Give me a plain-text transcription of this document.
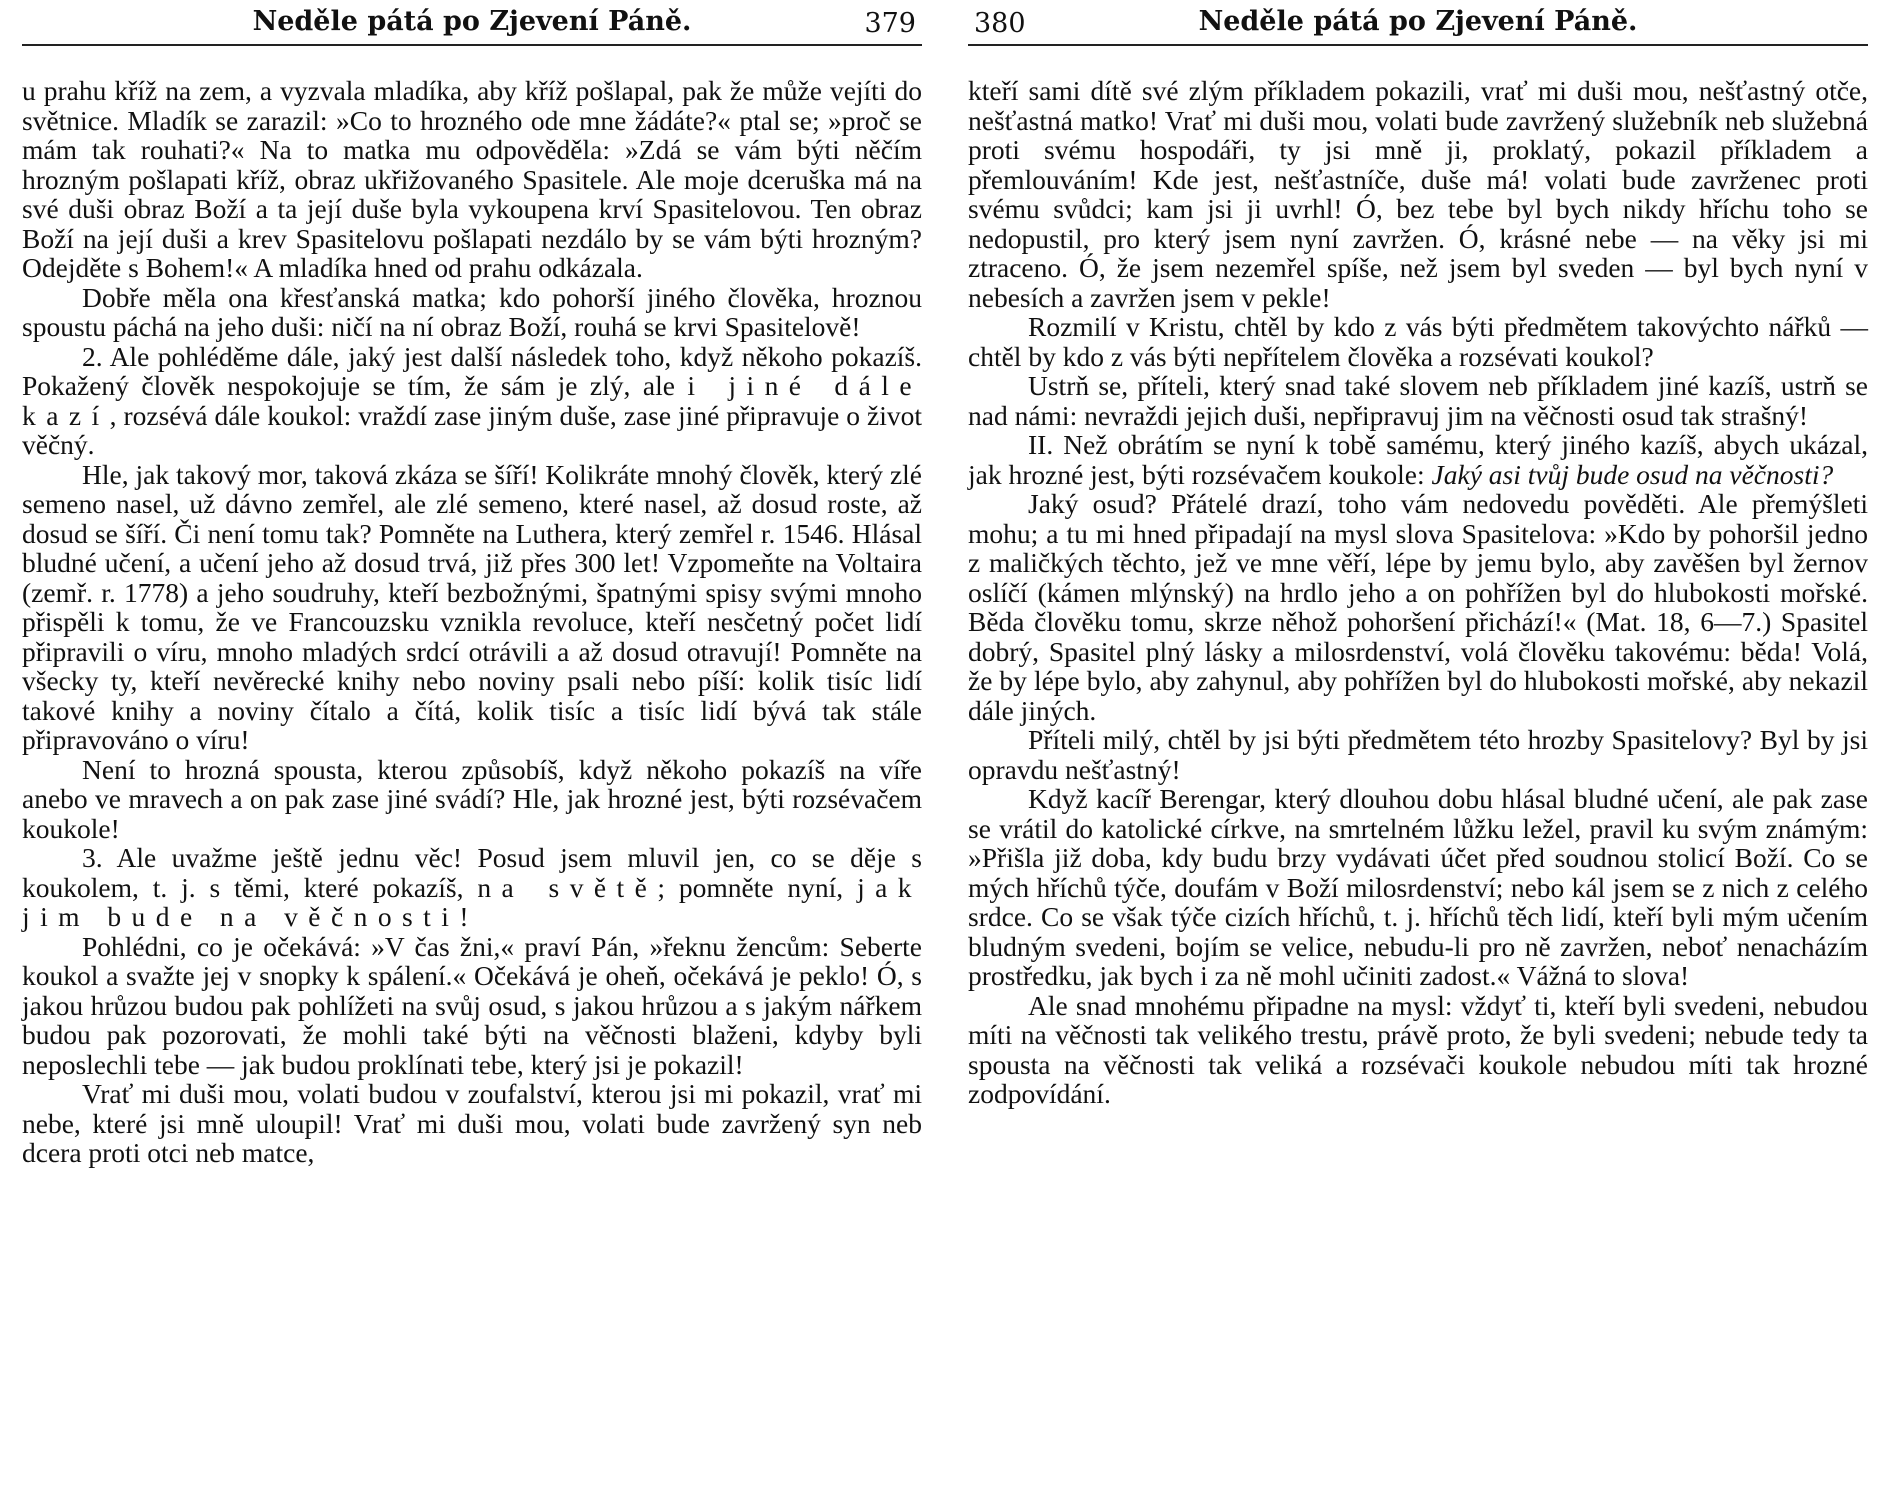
Neděle pátá po Zjevení Páně.	379

u prahu kříž na zem, a vyzvala mladíka, aby kříž pošlapal, pak že může vejíti do světnice. Mladík se zarazil: »Co to hrozného ode mne žádáte?« ptal se; »proč se mám tak rouhati?« Na to matka mu odpověděla: »Zdá se vám býti něčím hrozným pošlapati kříž, obraz ukřižovaného Spasitele. Ale moje dceruška má na své duši obraz Boží a ta její duše byla vykoupena krví Spasitelovou. Ten obraz Boží na její duši a krev Spasitelovu pošlapati nezdálo by se vám býti hrozným? Odejděte s Bohem!« A mladíka hned od prahu odkázala.

Dobře měla ona křesťanská matka; kdo pohorší jiného člověka, hroznou spoustu páchá na jeho duši: ničí na ní obraz Boží, rouhá se krvi Spasitelově!

2. Ale pohléděme dále, jaký jest další následek toho, když někoho pokazíš. Pokažený člověk nespokojuje se tím, že sám je zlý, ale i jiné dále kazí, rozsévá dále koukol: vraždí zase jiným duše, zase jiné připravuje o život věčný.

Hle, jak takový mor, taková zkáza se šíří! Kolikráte mnohý člověk, který zlé semeno nasel, už dávno zemřel, ale zlé semeno, které nasel, až dosud roste, až dosud se šíří. Či není tomu tak? Pomněte na Luthera, který zemřel r. 1546. Hlásal bludné učení, a učení jeho až dosud trvá, již přes 300 let! Vzpomeňte na Voltaira (zemř. r. 1778) a jeho soudruhy, kteří bezbožnými, špatnými spisy svými mnoho přispěli k tomu, že ve Francouzsku vznikla revoluce, kteří nesčetný počet lidí připravili o víru, mnoho mladých srdcí otrávili a až dosud otravují! Pomněte na všecky ty, kteří nevěrecké knihy nebo noviny psali nebo píší: kolik tisíc lidí takové knihy a noviny čítalo a čítá, kolik tisíc a tisíc lidí bývá tak stále připravováno o víru!

Není to hrozná spousta, kterou způsobíš, když někoho pokazíš na víře anebo ve mravech a on pak zase jiné svádí? Hle, jak hrozné jest, býti rozsévačem koukole!

3. Ale uvažme ještě jednu věc! Posud jsem mluvil jen, co se děje s koukolem, t. j. s těmi, které pokazíš, na světě; pomněte nyní, jak jim bude na věčnosti!

Pohlédni, co je očekává: »V čas žni,« praví Pán, »řeknu žencům: Seberte koukol a svažte jej v snopky k spálení.« Očekává je oheň, očekává je peklo! Ó, s jakou hrůzou budou pak pohlížeti na svůj osud, s jakou hrůzou a s jakým nářkem budou pak pozorovati, že mohli také býti na věčnosti blaženi, kdyby byli neposlechli tebe — jak budou proklínati tebe, který jsi je pokazil!

Vrať mi duši mou, volati budou v zoufalství, kterou jsi mi pokazil, vrať mi nebe, které jsi mně uloupil! Vrať mi duši mou, volati bude zavržený syn neb dcera proti otci neb matce,

380	Neděle pátá po Zjevení Páně.

kteří sami dítě své zlým příkladem pokazili, vrať mi duši mou, nešťastný otče, nešťastná matko! Vrať mi duši mou, volati bude zavržený služebník neb služebná proti svému hospodáři, ty jsi mně ji, proklatý, pokazil příkladem a přemlouváním! Kde jest, nešťastníče, duše má! volati bude zavrženec proti svému svůdci; kam jsi ji uvrhl! Ó, bez tebe byl bych nikdy hříchu toho se nedopustil, pro který jsem nyní zavržen. Ó, krásné nebe — na věky jsi mi ztraceno. Ó, že jsem nezemřel spíše, než jsem byl sveden — byl bych nyní v nebesích a zavržen jsem v pekle!

Rozmilí v Kristu, chtěl by kdo z vás býti předmětem takovýchto nářků — chtěl by kdo z vás býti nepřítelem člověka a rozsévati koukol?

Ustrň se, příteli, který snad také slovem neb příkladem jiné kazíš, ustrň se nad námi: nevraždi jejich duši, nepřipravuj jim na věčnosti osud tak strašný!

II. Než obrátím se nyní k tobě samému, který jiného kazíš, abych ukázal, jak hrozné jest, býti rozsévačem koukole: Jaký asi tvůj bude osud na věčnosti?

Jaký osud? Přátelé drazí, toho vám nedovedu pověděti. Ale přemýšleti mohu; a tu mi hned připadají na mysl slova Spasitelova: »Kdo by pohoršil jedno z maličkých těchto, jež ve mne věří, lépe by jemu bylo, aby zavěšen byl žernov oslíčí (kámen mlýnský) na hrdlo jeho a on pohřížen byl do hlubokosti mořské. Běda člověku tomu, skrze něhož pohoršení přichází!« (Mat. 18, 6—7.) Spasitel dobrý, Spasitel plný lásky a milosrdenství, volá člověku takovému: běda! Volá, že by lépe bylo, aby zahynul, aby pohřížen byl do hlubokosti mořské, aby nekazil dále jiných.

Příteli milý, chtěl by jsi býti předmětem této hrozby Spasitelovy? Byl by jsi opravdu nešťastný!

Když kacíř Berengar, který dlouhou dobu hlásal bludné učení, ale pak zase se vrátil do katolické církve, na smrtelném lůžku ležel, pravil ku svým známým: »Přišla již doba, kdy budu brzy vydávati účet před soudnou stolicí Boží. Co se mých hříchů týče, doufám v Boží milosrdenství; nebo kál jsem se z nich z celého srdce. Co se však týče cizích hříchů, t. j. hříchů těch lidí, kteří byli mým učením bludným svedeni, bojím se velice, nebudu-li pro ně zavržen, neboť nenacházím prostředku, jak bych i za ně mohl učiniti zadost.« Vážná to slova!

Ale snad mnohému připadne na mysl: vždyť ti, kteří byli svedeni, nebudou míti na věčnosti tak velikého trestu, právě proto, že byli svedeni; nebude tedy ta spousta na věčnosti tak veliká a rozsévači koukole nebudou míti tak hrozné zodpovídání.
